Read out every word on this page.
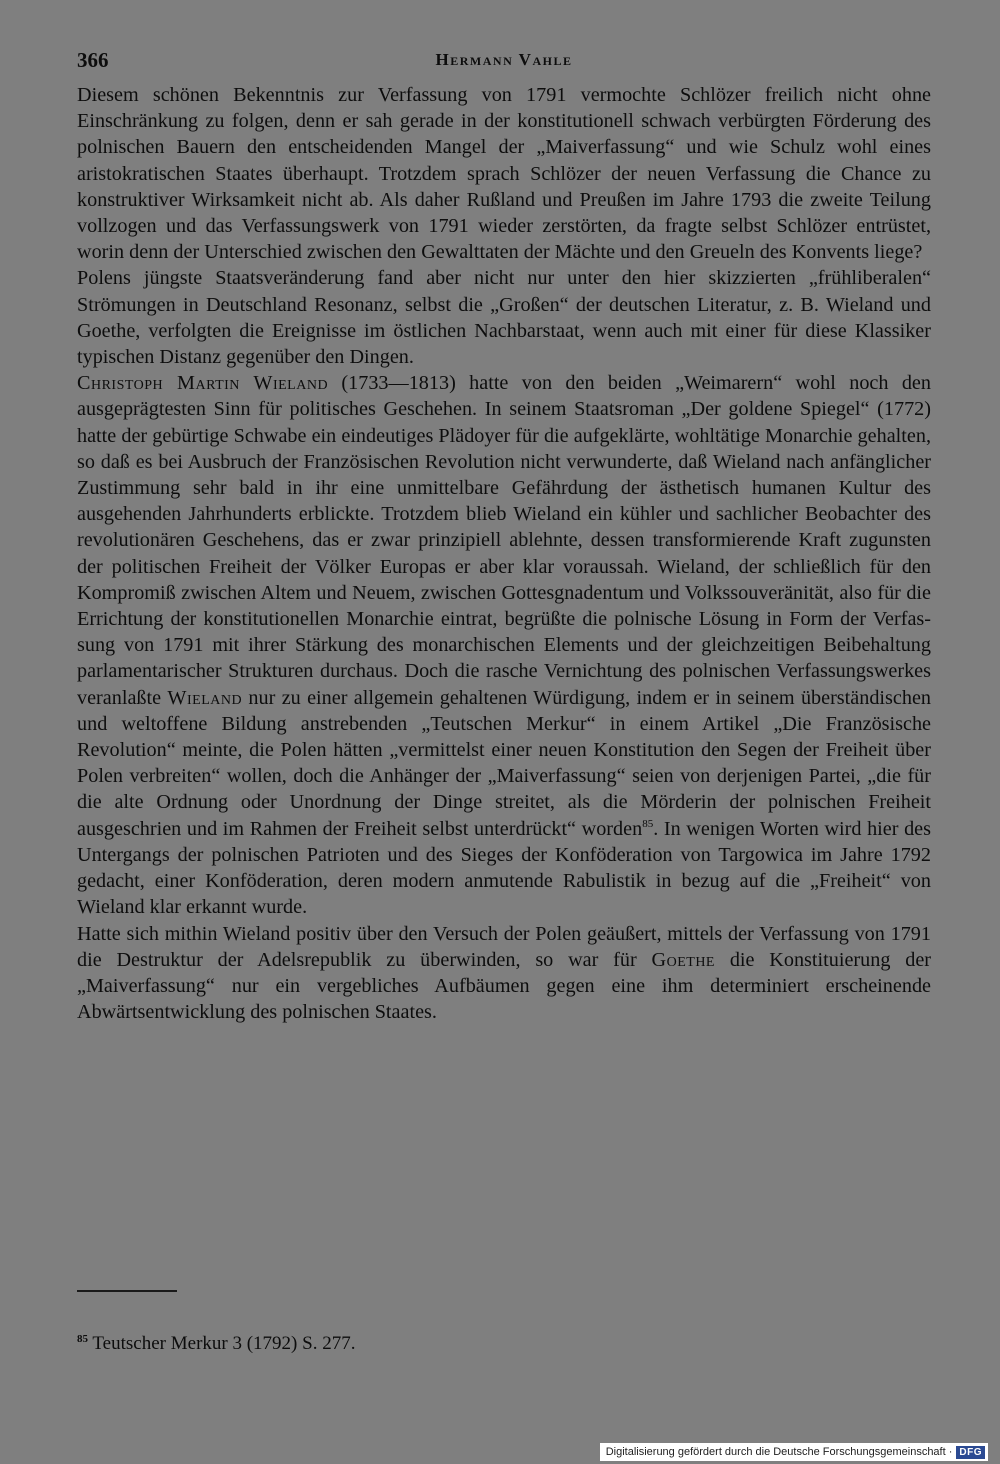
366	Hermann Vahle

Diesem schönen Bekenntnis zur Verfassung von 1791 vermochte Schlözer freilich nicht ohne Einschränkung zu folgen, denn er sah gerade in der konstitutionell schwach verbürgten Förderung des polnischen Bauern den entscheidenden Mangel der „Maiverfassung“ und wie Schulz wohl eines aristokratischen Staates überhaupt. Trotzdem sprach Schlözer der neuen Verfassung die Chance zu konstruktiver Wirksamkeit nicht ab. Als daher Rußland und Preußen im Jahre 1793 die zweite Teilung vollzogen und das Verfassungswerk von 1791 wieder zerstörten, da fragte selbst Schlözer entrüstet, worin denn der Unterschied zwischen den Gewalttaten der Mächte und den Greueln des Konvents liege?

Polens jüngste Staatsveränderung fand aber nicht nur unter den hier skizzierten „frühliberalen“ Strömungen in Deutschland Resonanz, selbst die „Großen“ der deutschen Literatur, z. B. Wieland und Goethe, verfolgten die Ereignisse im östlichen Nachbarstaat, wenn auch mit einer für diese Klassiker typischen Distanz gegenüber den Dingen.

Christoph Martin Wieland (1733—1813) hatte von den beiden „Weimarern“ wohl noch den ausgeprägtesten Sinn für politisches Geschehen. In seinem Staatsroman „Der goldene Spiegel“ (1772) hatte der gebürtige Schwabe ein eindeutiges Plädoyer für die aufgeklärte, wohltätige Monarchie gehalten, so daß es bei Ausbruch der Französischen Revolution nicht verwunderte, daß Wieland nach anfänglicher Zustimmung sehr bald in ihr eine unmittelbare Gefährdung der ästhetisch humanen Kultur des ausgehenden Jahrhunderts erblickte. Trotzdem blieb Wieland ein kühler und sachlicher Beobachter des revolutionären Geschehens, das er zwar prinzipiell ablehnte, dessen transformierende Kraft zugunsten der politischen Freiheit der Völker Europas er aber klar voraussah. Wieland, der schließlich für den Kompromiß zwischen Altem und Neuem, zwischen Gottesgnadentum und Volkssouveränität, also für die Errichtung der konstitutionellen Monarchie eintrat, begrüßte die polnische Lösung in Form der Verfassung von 1791 mit ihrer Stärkung des monarchischen Elements und der gleichzeitigen Beibehaltung parlamentarischer Strukturen durchaus. Doch die rasche Vernichtung des polnischen Verfassungswerkes veranlaßte Wieland nur zu einer allgemein gehaltenen Würdigung, indem er in seinem überständischen und weltoffene Bildung anstrebenden „Teutschen Merkur“ in einem Artikel „Die Französische Revolution“ meinte, die Polen hätten „vermittelst einer neuen Konstitution den Segen der Freiheit über Polen verbreiten“ wollen, doch die Anhänger der „Maiverfassung“ seien von derjenigen Partei, „die für die alte Ordnung oder Unordnung der Dinge streitet, als die Mörderin der polnischen Freiheit ausgeschrien und im Rahmen der Freiheit selbst unterdrückt“ worden$^{85}$. In wenigen Worten wird hier des Untergangs der polnischen Patrioten und des Sieges der Konföderation von Targowica im Jahre 1792 gedacht, einer Konföderation, deren modern anmutende Rabulistik in bezug auf die „Freiheit“ von Wieland klar erkannt wurde.

Hatte sich mithin Wieland positiv über den Versuch der Polen geäußert, mittels der Verfassung von 1791 die Destruktur der Adelsrepublik zu überwinden, so war für Goethe die Konstituierung der „Maiverfassung“ nur ein vergebliches Aufbäumen gegen eine ihm determiniert erscheinende Abwärtsentwicklung des polnischen Staates.

$^{85}$ Teutscher Merkur 3 (1792) S. 277.
Digitalisierung gefördert durch die Deutsche Forschungsgemeinschaft · DFG
